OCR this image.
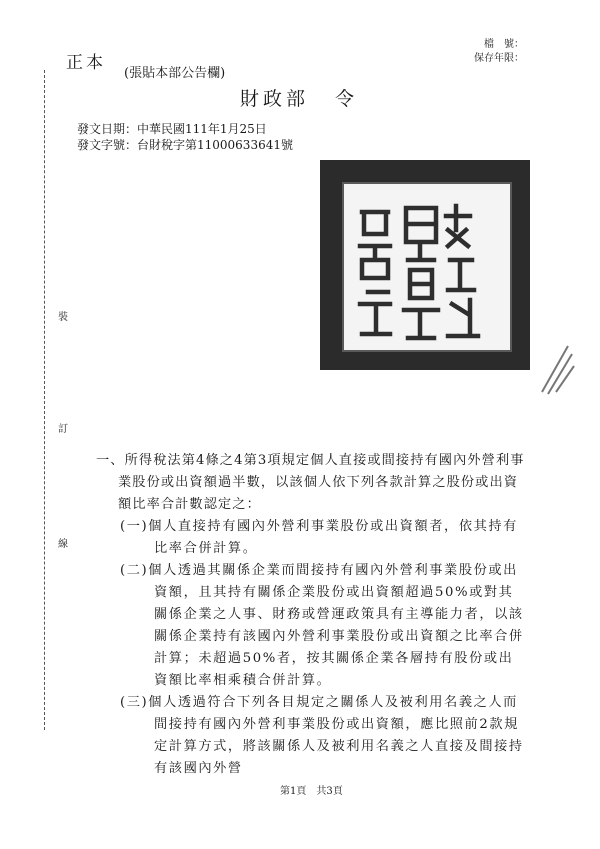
正本
(張貼本部公告欄)
檔　號：
保存年限：
財政部 令
發文日期：中華民國111年1月25日
發文字號：台財稅字第11000633641號
裝
訂
線
一、所得稅法第4條之4第3項規定個人直接或間接持有國內外營利事業股份或出資額過半數，以該個人依下列各款計算之股份或出資額比率合計數認定之：
(一)個人直接持有國內外營利事業股份或出資額者，依其持有比率合併計算。
(二)個人透過其關係企業而間接持有國內外營利事業股份或出資額，且其持有關係企業股份或出資額超過50%或對其關係企業之人事、財務或營運政策具有主導能力者，以該關係企業持有該國內外營利事業股份或出資額之比率合併計算；未超過50%者，按其關係企業各層持有股份或出資額比率相乘積合併計算。
(三)個人透過符合下列各目規定之關係人及被利用名義之人而間接持有國內外營利事業股份或出資額，應比照前2款規定計算方式，將該關係人及被利用名義之人直接及間接持有該國內外營
第1頁　共3頁
